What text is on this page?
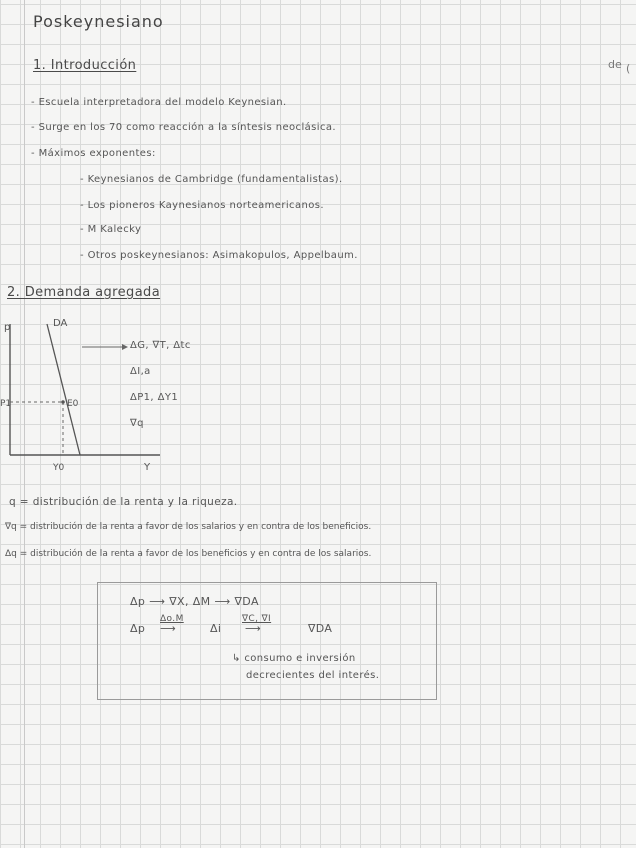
Poskeynesiano
1. Introducción
- Escuela interpretadora del modelo Keynesian.
- Surge en los 70 como reacción a la síntesis neoclásica.
- Máximos exponentes:
- Keynesianos de Cambridge (fundamentalistas).
- Los pioneros Kaynesianos norteamericanos.
- M Kalecky
- Otros poskeynesianos: Asimakopulos, Appelbaum.
2. Demanda agregada
p	DA
P1	E0
Y0	Y
ΔG, ∇T, Δtc
ΔI,a
ΔP1, ΔY1
∇q
q = distribución de la renta y la riqueza.
∇q = distribución de la renta a favor de los salarios y en contra de los beneficios.
Δq = distribución de la renta a favor de los beneficios y en contra de los salarios.
Δp ⟶ ∇X, ΔM ⟶ ∇DA
Δp
Δo.M
⟶	Δi
∇C, ∇I
⟶	∇DA
↳ consumo e inversión
decrecientes del interés.
de (
